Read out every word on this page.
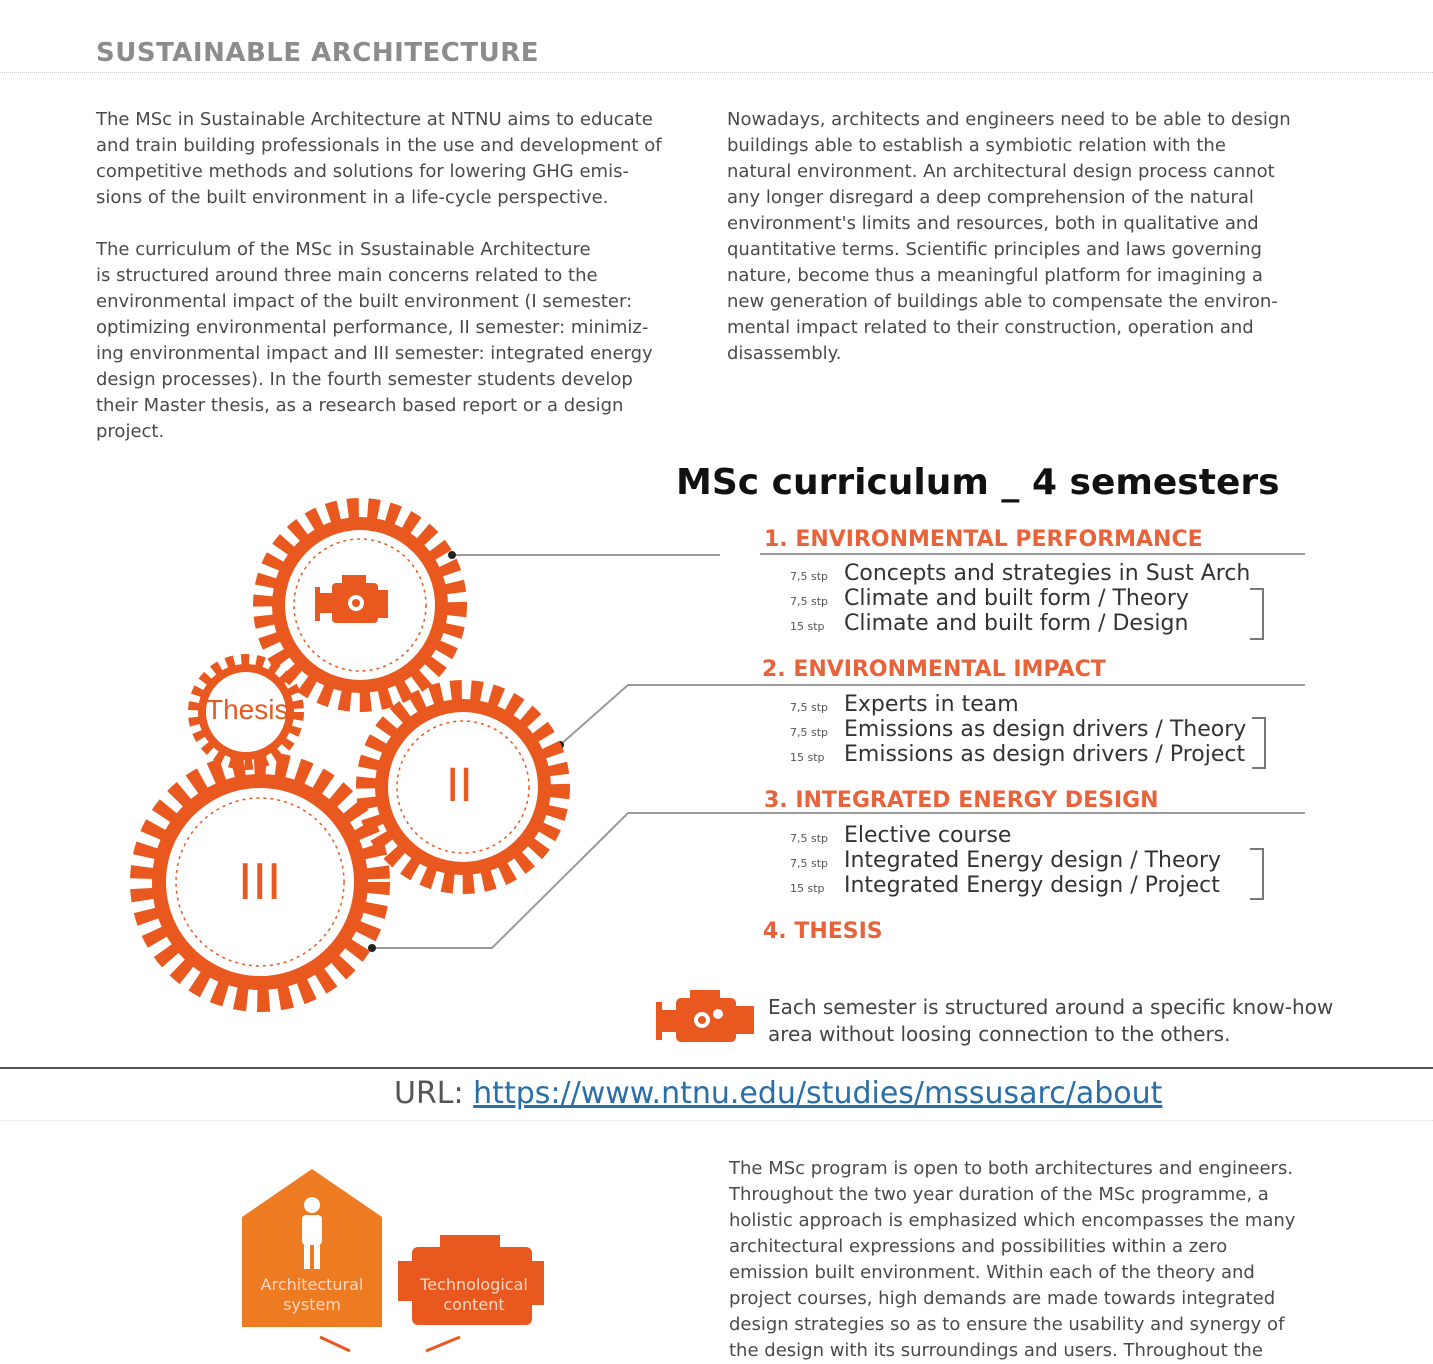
SUSTAINABLE ARCHITECTURE
The MSc in Sustainable Architecture at NTNU aims to educate
and train building professionals in the use and development of
competitive methods and solutions for lowering GHG emis-
sions of the built environment in a life-cycle perspective.
The curriculum of the MSc in Ssustainable Architecture
is structured around three main concerns related to the
environmental impact of the built environment (I semester:
optimizing environmental performance, II semester: minimiz-
ing environmental impact and III semester: integrated energy
design processes). In the fourth semester students develop
their Master thesis, as a research based report or a design
project.
Nowadays, architects and engineers need to be able to design
buildings able to establish a symbiotic relation with the
natural environment. An architectural design process cannot
any longer disregard a deep comprehension of the natural
environment's limits and resources, both in qualitative and
quantitative terms. Scientific principles and laws governing
nature, become thus a meaningful platform for imagining a
new generation of buildings able to compensate the environ-
mental impact related to their construction, operation and
disassembly.
Thesis
II
III
MSc curriculum _ 4 semesters
1. ENVIRONMENTAL PERFORMANCE
7,5 stp Concepts and strategies in Sust Arch
7,5 stp Climate and built form / Theory
15 stp Climate and built form / Design
2. ENVIRONMENTAL IMPACT
7,5 stp Experts in team
7,5 stp Emissions as design drivers / Theory
15 stp Emissions as design drivers / Project
3. INTEGRATED ENERGY DESIGN
7,5 stp Elective course
7,5 stp Integrated Energy design / Theory
15 stp Integrated Energy design / Project
4. THESIS
Each semester is structured around a specific know-how
area without loosing connection to the others.
URL: https://www.ntnu.edu/studies/mssusarc/about
Architectural
system
Technological
content
The MSc program is open to both architectures and engineers.
Throughout the two year duration of the MSc programme, a
holistic approach is emphasized which encompasses the many
architectural expressions and possibilities within a zero
emission built environment. Within each of the theory and
project courses, high demands are made towards integrated
design strategies so as to ensure the usability and synergy of
the design with its surroundings and users. Throughout the
